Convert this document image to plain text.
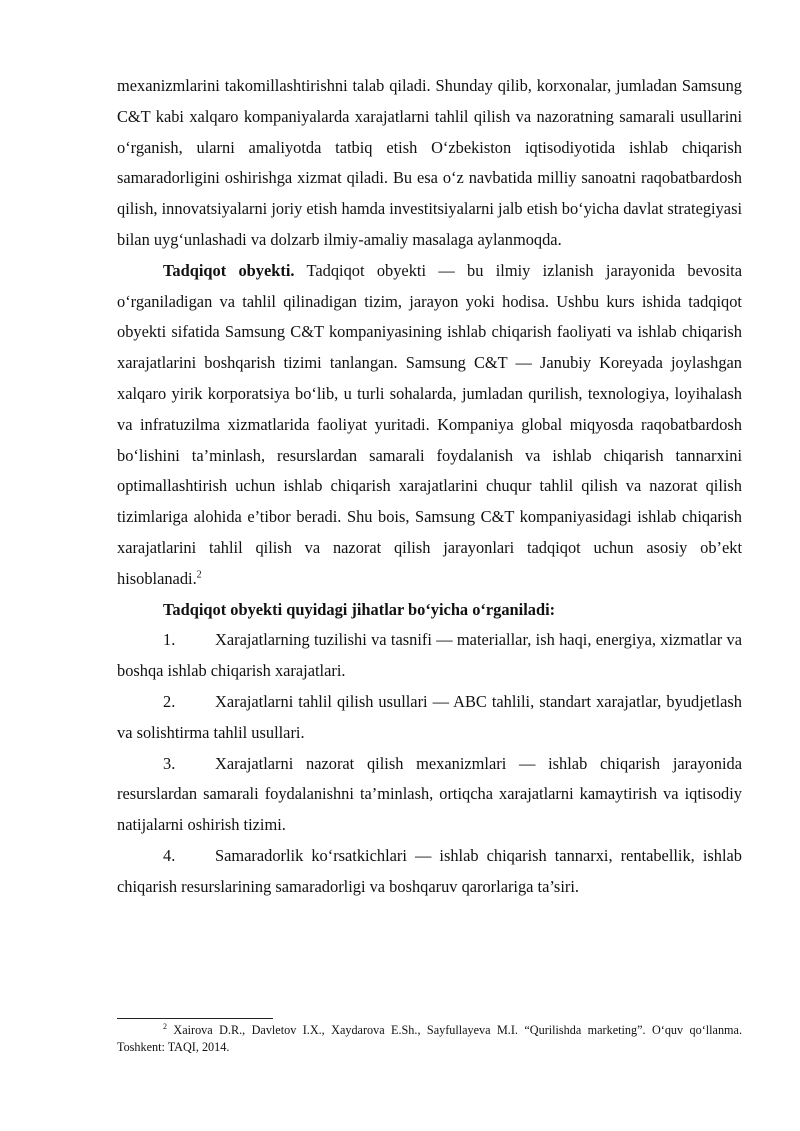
mexanizmlarini takomillashtirishni talab qiladi. Shunday qilib, korxonalar, jumladan Samsung C&T kabi xalqaro kompaniyalarda xarajatlarni tahlil qilish va nazoratning samarali usullarini o‘rganish, ularni amaliyotda tatbiq etish O‘zbekiston iqtisodiyotida ishlab chiqarish samaradorligini oshirishga xizmat qiladi. Bu esa o‘z navbatida milliy sanoatni raqobatbardosh qilish, innovatsiyalarni joriy etish hamda investitsiyalarni jalb etish bo‘yicha davlat strategiyasi bilan uyg‘unlashadi va dolzarb ilmiy-amaliy masalaga aylanmoqda.

Tadqiqot obyekti. Tadqiqot obyekti — bu ilmiy izlanish jarayonida bevosita o‘rganiladigan va tahlil qilinadigan tizim, jarayon yoki hodisa. Ushbu kurs ishida tadqiqot obyekti sifatida Samsung C&T kompaniyasining ishlab chiqarish faoliyati va ishlab chiqarish xarajatlarini boshqarish tizimi tanlangan. Samsung C&T — Janubiy Koreyada joylashgan xalqaro yirik korporatsiya bo‘lib, u turli sohalarda, jumladan qurilish, texnologiya, loyihalash va infratuzilma xizmatlarida faoliyat yuritadi. Kompaniya global miqyosda raqobatbardosh bo‘lishini ta’minlash, resurslardan samarali foydalanish va ishlab chiqarish tannarxini optimallashtirish uchun ishlab chiqarish xarajatlarini chuqur tahlil qilish va nazorat qilish tizimlariga alohida e’tibor beradi. Shu bois, Samsung C&T kompaniyasidagi ishlab chiqarish xarajatlarini tahlil qilish va nazorat qilish jarayonlari tadqiqot uchun asosiy ob’ekt hisoblanadi.$^2$

Tadqiqot obyekti quyidagi jihatlar bo‘yicha o‘rganiladi:

1. Xarajatlarning tuzilishi va tasnifi — materiallar, ish haqi, energiya, xizmatlar va boshqa ishlab chiqarish xarajatlari.

2. Xarajatlarni tahlil qilish usullari — ABC tahlili, standart xarajatlar, byudjetlash va solishtirma tahlil usullari.

3. Xarajatlarni nazorat qilish mexanizmlari — ishlab chiqarish jarayonida resurslardan samarali foydalanishni ta’minlash, ortiqcha xarajatlarni kamaytirish va iqtisodiy natijalarni oshirish tizimi.

4. Samaradorlik ko‘rsatkichlari — ishlab chiqarish tannarxi, rentabellik, ishlab chiqarish resurslarining samaradorligi va boshqaruv qarorlariga ta’siri.

$^2$ Xairova D.R., Davletov I.X., Xaydarova E.Sh., Sayfullayeva M.I. “Qurilishda marketing”. O‘quv qo‘llanma. Toshkent: TAQI, 2014.
